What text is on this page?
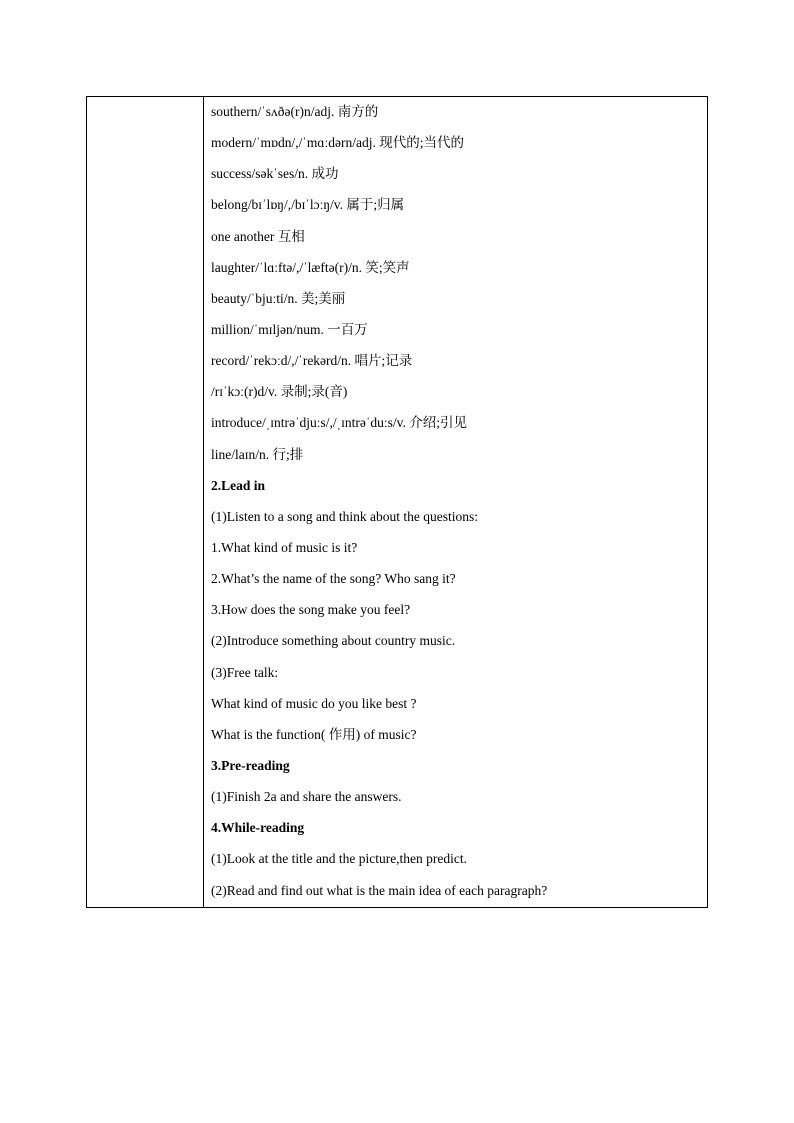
southern/ˈsʌðə(r)n/adj. 南方的
modern/ˈmɒdn/,/ˈmɑːdərn/adj. 现代的;当代的
success/səkˈses/n. 成功
belong/bɪˈlɒŋ/,/bɪˈlɔːŋ/v. 属于;归属
one another 互相
laughter/ˈlɑːftə/,/ˈlæftə(r)/n. 笑;笑声
beauty/ˈbjuːti/n. 美;美丽
million/ˈmɪljən/num. 一百万
record/ˈrekɔːd/,/ˈrekərd/n. 唱片;记录
/rɪˈkɔː(r)d/v. 录制;录(音)
introduce/ˌɪntrəˈdjuːs/,/ˌɪntrəˈduːs/v. 介绍;引见
line/laɪn/n. 行;排
2.Lead in
(1)Listen to a song and think about the questions:
1.What kind of music is it?
2.What’s the name of the song? Who sang it?
3.How does the song make you feel?
(2)Introduce something about country music.
(3)Free talk:
What kind of music do you like best ?
What is the function( 作用) of music?
3.Pre-reading
(1)Finish 2a and share the answers.
4.While-reading
(1)Look at the title and the picture,then predict.
(2)Read and find out what is the main idea of each paragraph?
